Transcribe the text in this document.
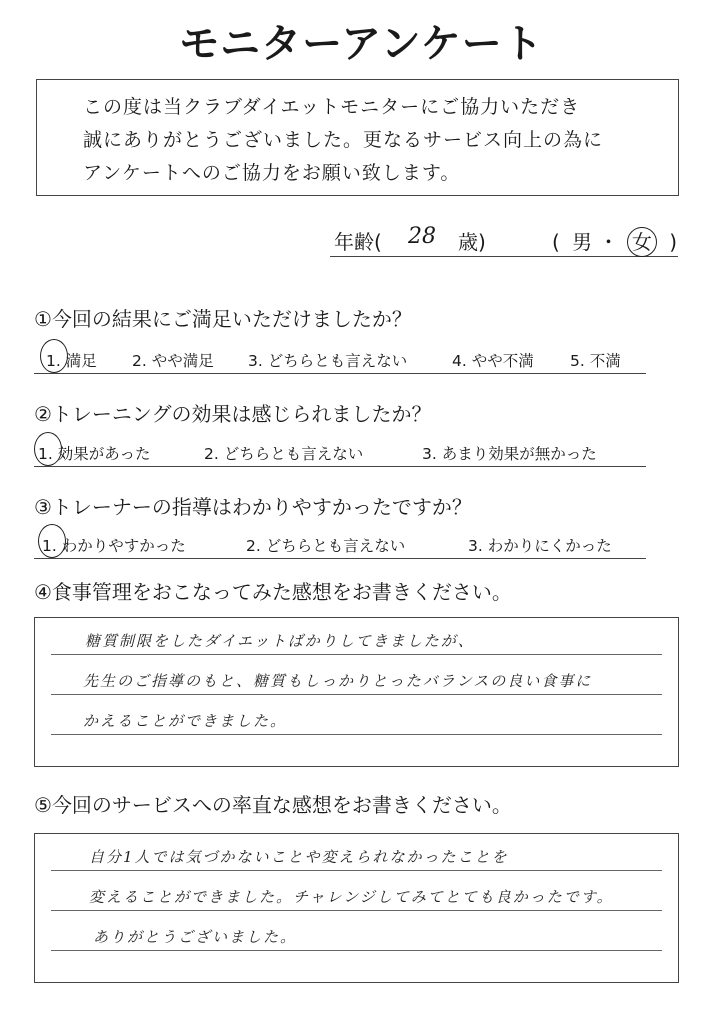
モニターアンケート
この度は当クラブダイエットモニターにご協力いただき
誠にありがとうございました。更なるサービス向上の為に
アンケートへのご協力をお願い致します。
年齢( 28 歳)	( 男 ・ 女 )
①今回の結果にご満足いただけましたか？
1. 満足 2. やや満足 3. どちらとも言えない	4. やや不満 5. 不満
②トレーニングの効果は感じられましたか？
1. 効果があった	2. どちらとも言えない	3. あまり効果が無かった
③トレーナーの指導はわかりやすかったですか？
1. わかりやすかった	2. どちらとも言えない	3. わかりにくかった
④食事管理をおこなってみた感想をお書きください。
糖質制限をしたダイエットばかりしてきましたが、
先生のご指導のもと、糖質もしっかりとったバランスの良い食事に
かえることができました。
⑤今回のサービスへの率直な感想をお書きください。
自分1人では気づかないことや変えられなかったことを
変えることができました。チャレンジしてみてとても良かったです。
ありがとうございました。
